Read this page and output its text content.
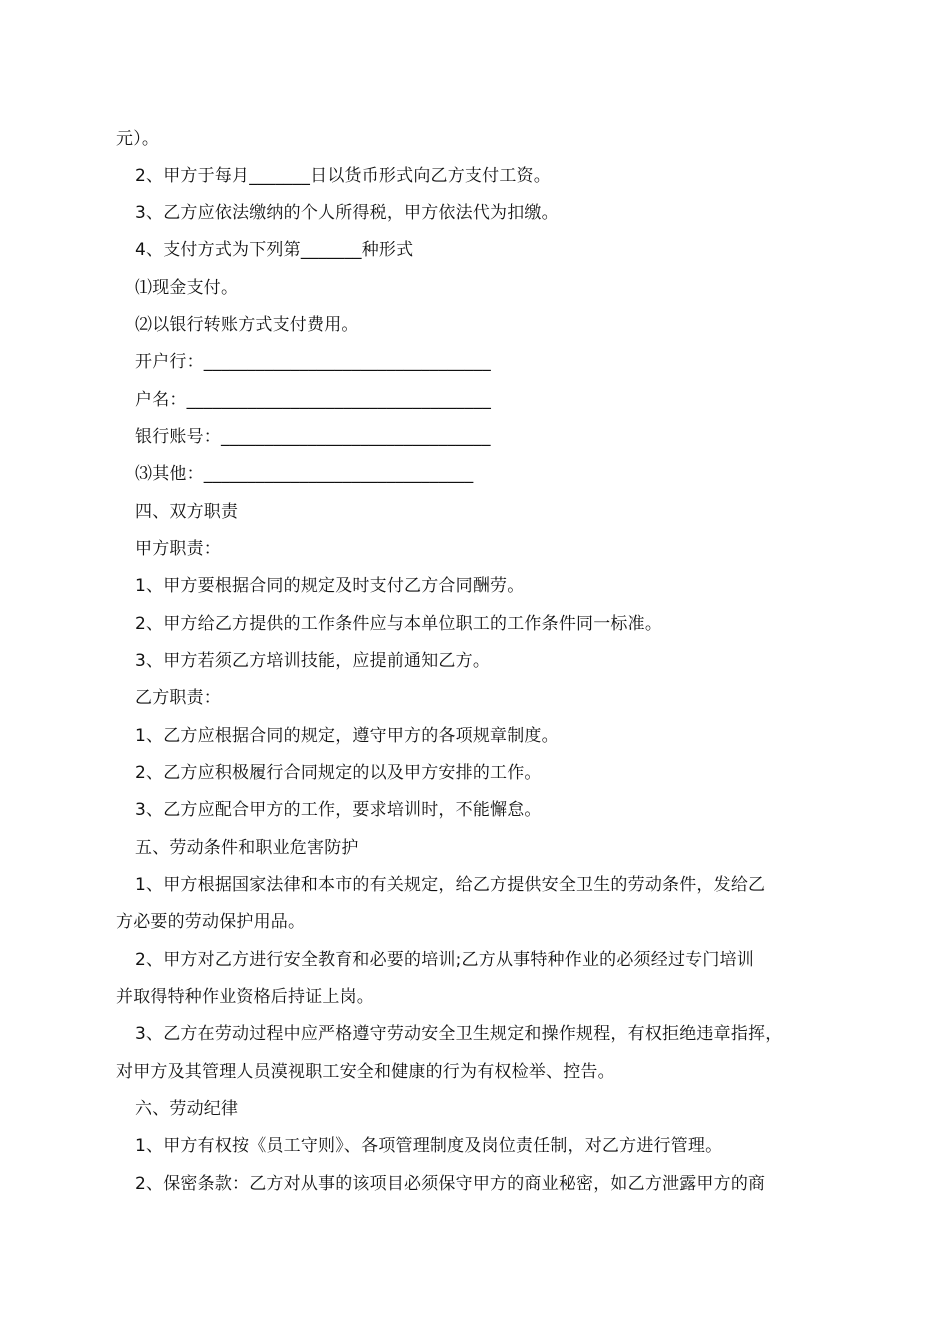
元）。
2、甲方于每月_______日以货币形式向乙方支付工资。
3、乙方应依法缴纳的个人所得税，甲方依法代为扣缴。
4、支付方式为下列第_______种形式
⑴现金支付。
⑵以银行转账方式支付费用。
开户行：_________________________________
户名：___________________________________
银行账号：_______________________________
⑶其他：_______________________________
四、双方职责
甲方职责：
1、甲方要根据合同的规定及时支付乙方合同酬劳。
2、甲方给乙方提供的工作条件应与本单位职工的工作条件同一标准。
3、甲方若须乙方培训技能，应提前通知乙方。
乙方职责：
1、乙方应根据合同的规定，遵守甲方的各项规章制度。
2、乙方应积极履行合同规定的以及甲方安排的工作。
3、乙方应配合甲方的工作，要求培训时，不能懈怠。
五、劳动条件和职业危害防护
1、甲方根据国家法律和本市的有关规定，给乙方提供安全卫生的劳动条件，发给乙
方必要的劳动保护用品。
2、甲方对乙方进行安全教育和必要的培训;乙方从事特种作业的必须经过专门培训
并取得特种作业资格后持证上岗。
3、乙方在劳动过程中应严格遵守劳动安全卫生规定和操作规程，有权拒绝违章指挥，
对甲方及其管理人员漠视职工安全和健康的行为有权检举、控告。
六、劳动纪律
1、甲方有权按《员工守则》、各项管理制度及岗位责任制，对乙方进行管理。
2、保密条款：乙方对从事的该项目必须保守甲方的商业秘密，如乙方泄露甲方的商
